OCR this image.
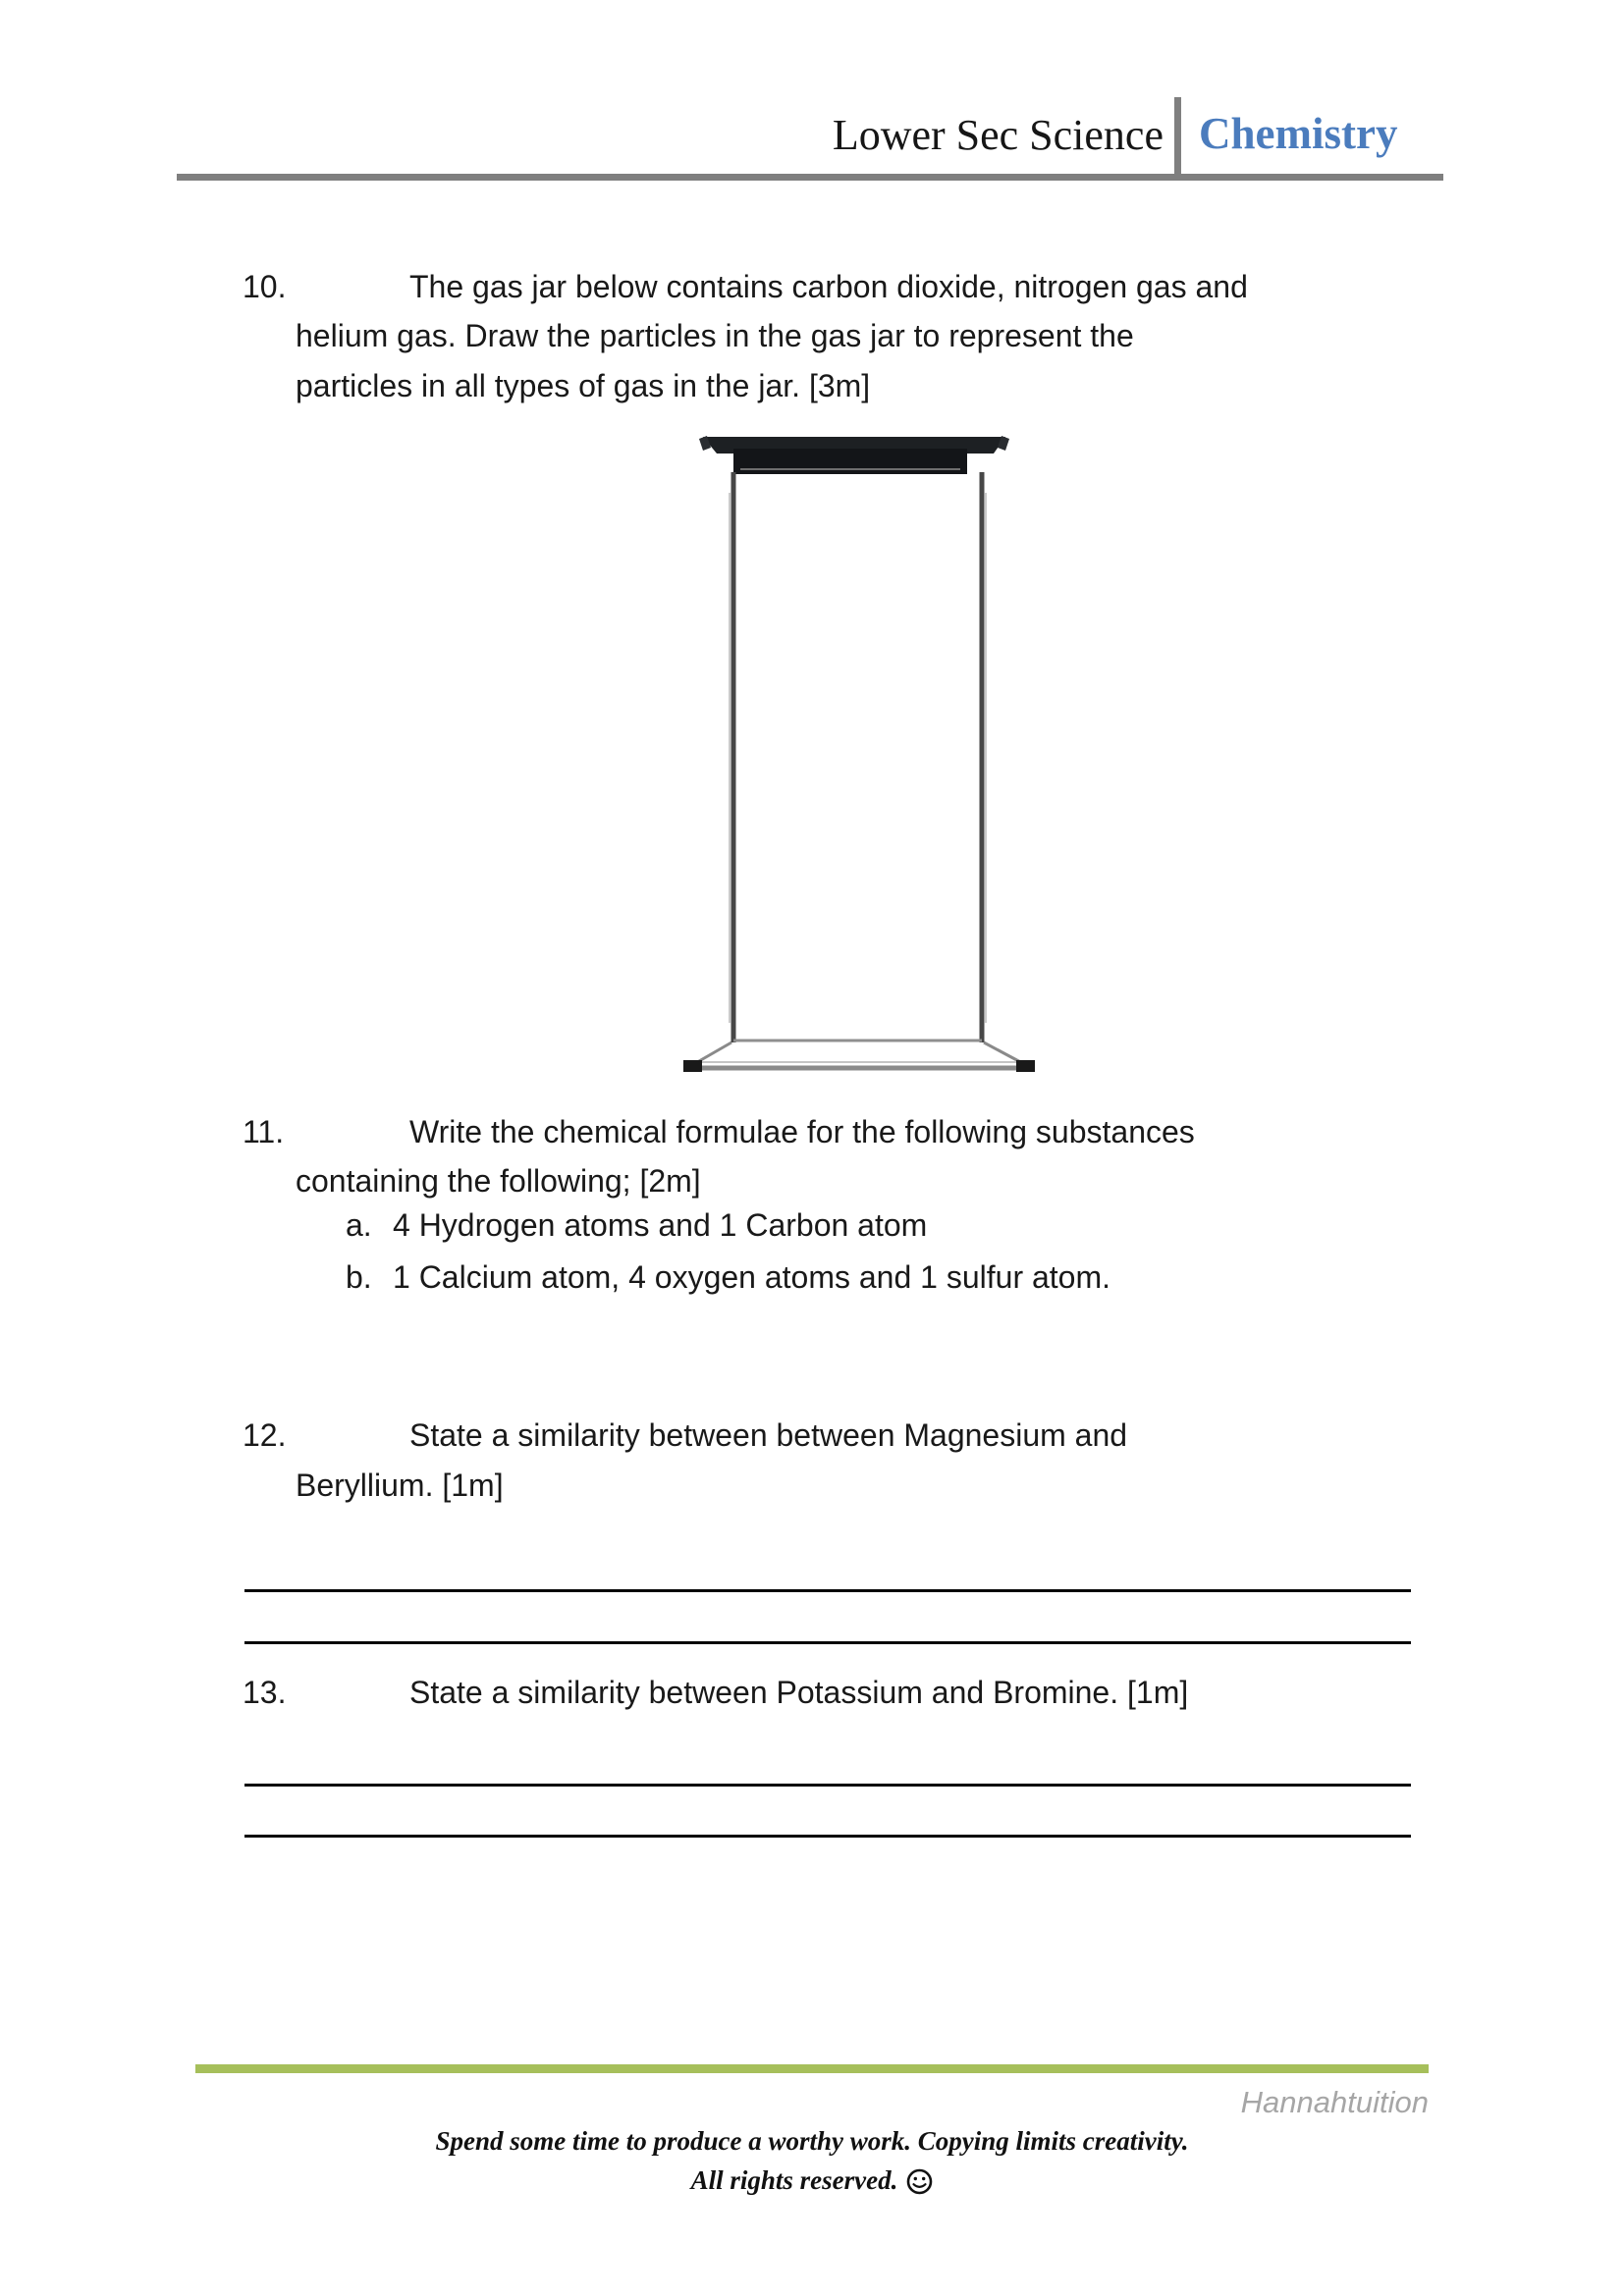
Lower Sec Science Chemistry
10.	The gas jar below contains carbon dioxide, nitrogen gas and
helium gas. Draw the particles in the gas jar to represent the
particles in all types of gas in the jar. [3m]
11.	Write the chemical formulae for the following substances
containing the following; [2m]
a. 4 Hydrogen atoms and 1 Carbon atom
b. 1 Calcium atom, 4 oxygen atoms and 1 sulfur atom.
12.	State a similarity between between Magnesium and
Beryllium. [1m]
13.	State a similarity between Potassium and Bromine. [1m]
Hannahtuition
Spend some time to produce a worthy work. Copying limits creativity.
All rights reserved.
